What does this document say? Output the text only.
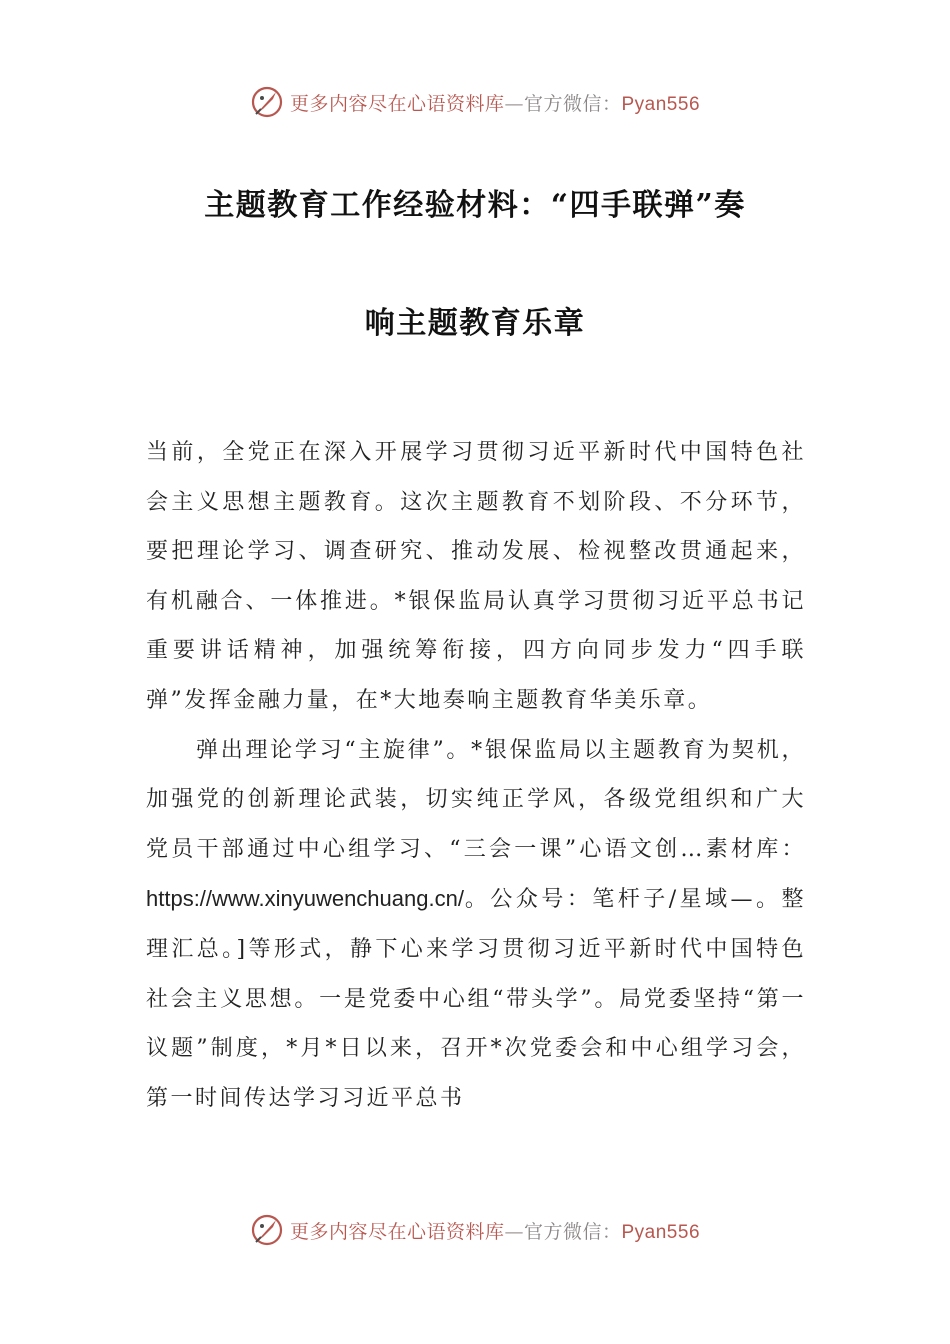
更多内容尽在心语资料库—官方微信：Pyan556
主题教育工作经验材料：“四手联弹”奏
响主题教育乐章

当前，全党正在深入开展学习贯彻习近平新时代中国特色社会主义思想主题教育。这次主题教育不划阶段、不分环节，要把理论学习、调查研究、推动发展、检视整改贯通起来，有机融合、一体推进。*银保监局认真学习贯彻习近平总书记重要讲话精神，加强统筹衔接，四方向同步发力“四手联弹”发挥金融力量，在*大地奏响主题教育华美乐章。

弹出理论学习“主旋律”。*银保监局以主题教育为契机，加强党的创新理论武装，切实纯正学风，各级党组织和广大党员干部通过中心组学习、“三会一课”心语文创…素材库：https://www.xinyuwenchuang.cn/。公众号：笔杆子/星域—。整理汇总。]等形式，静下心来学习贯彻习近平新时代中国特色社会主义思想。一是党委中心组“带头学”。局党委坚持“第一议题”制度，*月*日以来，召开*次党委会和中心组学习会，第一时间传达学习习近平总书

更多内容尽在心语资料库—官方微信：Pyan556
